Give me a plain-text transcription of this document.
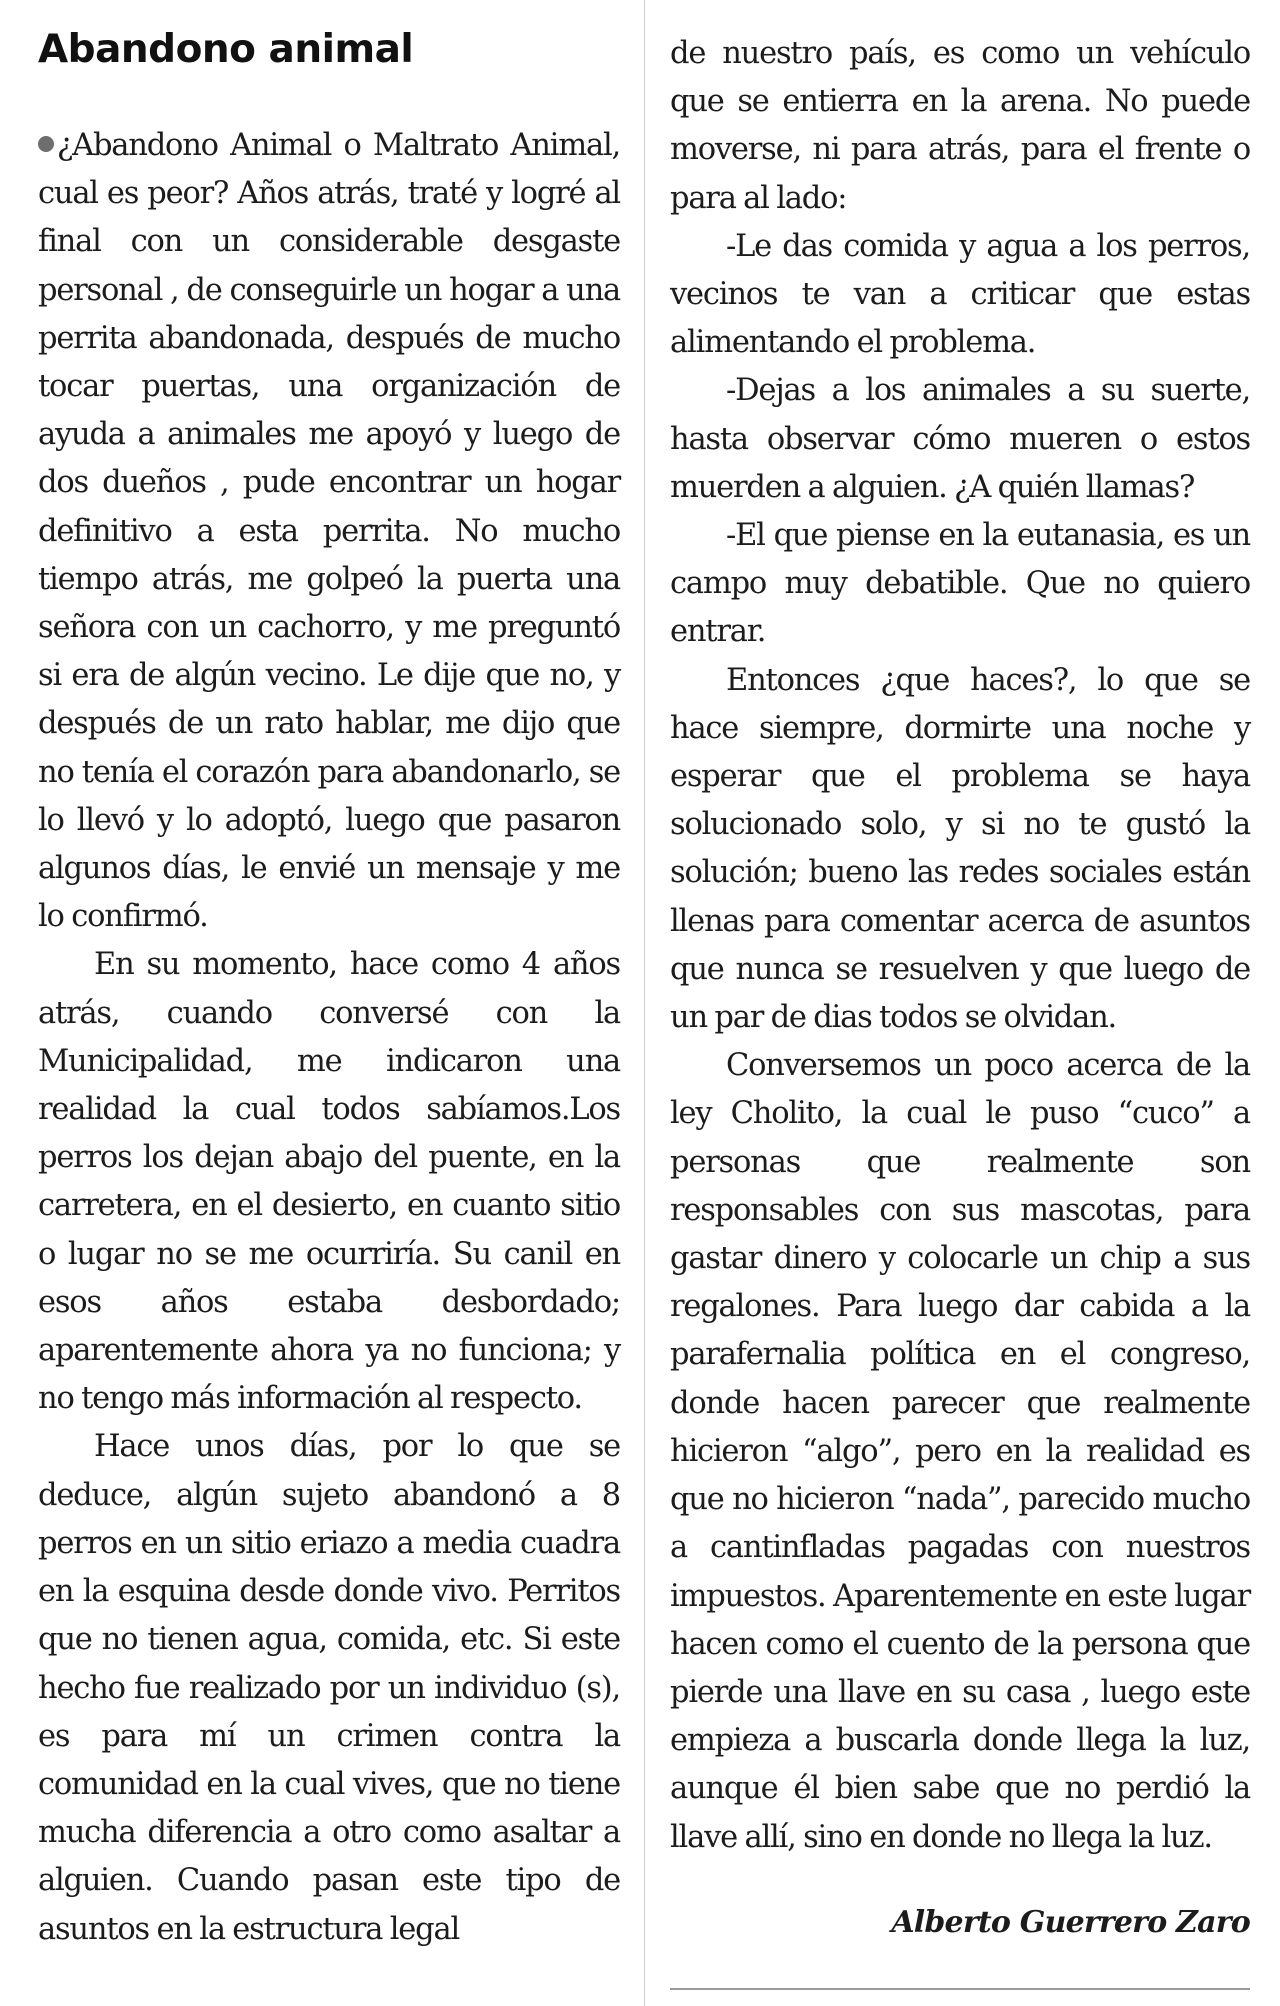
Abandono animal

¿Abandono Animal o Maltrato Animal, cual es peor? Años atrás, traté y logré al final con un considerable desgaste personal , de conseguirle un hogar a una perrita abandonada, después de mucho tocar puertas, una organización de ayuda a animales me apoyó y luego de dos dueños , pude encontrar un hogar definitivo a esta perrita. No mucho tiempo atrás, me golpeó la puerta una señora con un cachorro, y me preguntó si era de algún vecino. Le dije que no, y después de un rato hablar, me dijo que no tenía el corazón para abandonarlo, se lo llevó y lo adoptó, luego que pasaron algunos días, le envié un mensaje y me lo confirmó.

En su momento, hace como 4 años atrás, cuando conversé con la Municipalidad, me indicaron una realidad la cual todos sabíamos.Los perros los dejan abajo del puente, en la carretera, en el desierto, en cuanto sitio o lugar no se me ocurriría. Su canil en esos años estaba desbordado; aparentemente ahora ya no funciona; y no tengo más información al respecto.

Hace unos días, por lo que se deduce, algún sujeto abandonó a 8 perros en un sitio eriazo a media cuadra en la esquina desde donde vivo. Perritos que no tienen agua, comida, etc. Si este hecho fue realizado por un individuo (s), es para mí un crimen contra la comunidad en la cual vives, que no tiene mucha diferencia a otro como asaltar a alguien. Cuando pasan este tipo de asuntos en la estructura legal

de nuestro país, es como un vehículo que se entierra en la arena. No puede moverse, ni para atrás, para el frente o para al lado:

-Le das comida y agua a los perros, vecinos te van a criticar que estas alimentando el problema.

-Dejas a los animales a su suerte, hasta observar cómo mueren o estos muerden a alguien. ¿A quién llamas?

-El que piense en la eutanasia, es un campo muy debatible. Que no quiero entrar.

Entonces ¿que haces?, lo que se hace siempre, dormirte una noche y esperar que el problema se haya solucionado solo, y si no te gustó la solución; bueno las redes sociales están llenas para comentar acerca de asuntos que nunca se resuelven y que luego de un par de dias todos se olvidan.

Conversemos un poco acerca de la ley Cholito, la cual le puso “cuco” a personas que realmente son responsables con sus mascotas, para gastar dinero y colocarle un chip a sus regalones. Para luego dar cabida a la parafernalia política en el congreso, donde hacen parecer que realmente hicieron “algo”, pero en la realidad es que no hicieron “nada”, parecido mucho a cantinfladas pagadas con nuestros impuestos. Aparentemente en este lugar hacen como el cuento de la persona que pierde una llave en su casa , luego este empieza a buscarla donde llega la luz, aunque él bien sabe que no perdió la llave allí, sino en donde no llega la luz.

Alberto Guerrero Zaro
